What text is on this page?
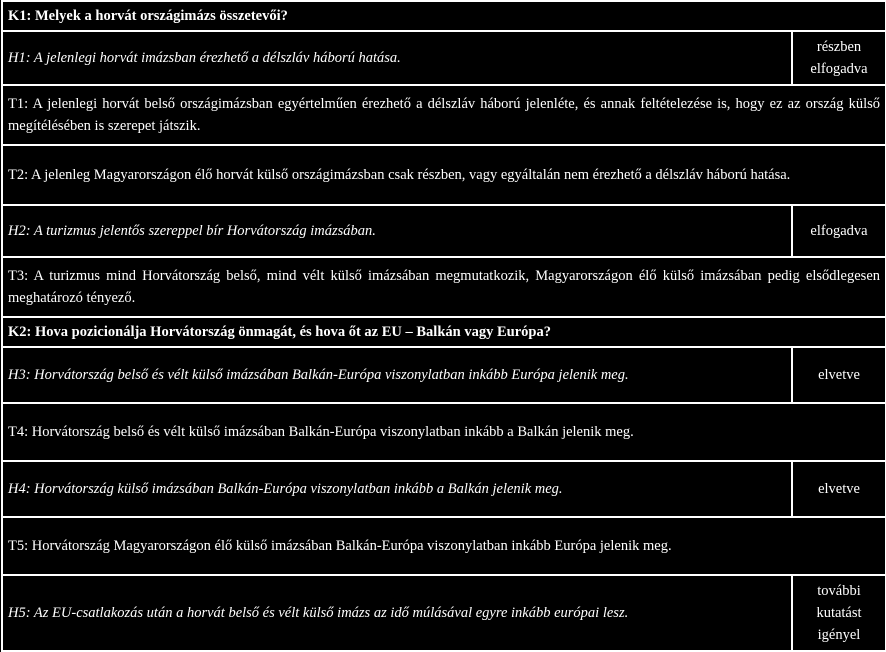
K1: Melyek a horvát országimázs összetevői?	
H1: A jelenlegi horvát imázsban érezhető a délszláv háború hatása.	részben elfogadva
T1: A jelenlegi horvát belső országimázsban egyértelműen érezhető a délszláv háború jelenléte, és annak feltételezése is, hogy ez az ország külső megítélésében is szerepet játszik.	
T2: A jelenleg Magyarországon élő horvát külső országimázsban csak részben, vagy egyáltalán nem érezhető a délszláv háború hatása.	
H2: A turizmus jelentős szereppel bír Horvátország imázsában.	elfogadva
T3: A turizmus mind Horvátország belső, mind vélt külső imázsában megmutatkozik, Magyarországon élő külső imázsában pedig elsődlegesen meghatározó tényező.	
K2: Hova pozicionálja Horvátország önmagát, és hova őt az EU – Balkán vagy Európa?	
H3: Horvátország belső és vélt külső imázsában Balkán-Európa viszonylatban inkább Európa jelenik meg.	elvetve
T4: Horvátország belső és vélt külső imázsában Balkán-Európa viszonylatban inkább a Balkán jelenik meg.	
H4: Horvátország külső imázsában Balkán-Európa viszonylatban inkább a Balkán jelenik meg.	elvetve
T5: Horvátország Magyarországon élő külső imázsában Balkán-Európa viszonylatban inkább Európa jelenik meg.	
H5: Az EU-csatlakozás után a horvát belső és vélt külső imázs az idő múlásával egyre inkább európai lesz.	további kutatást igényel
